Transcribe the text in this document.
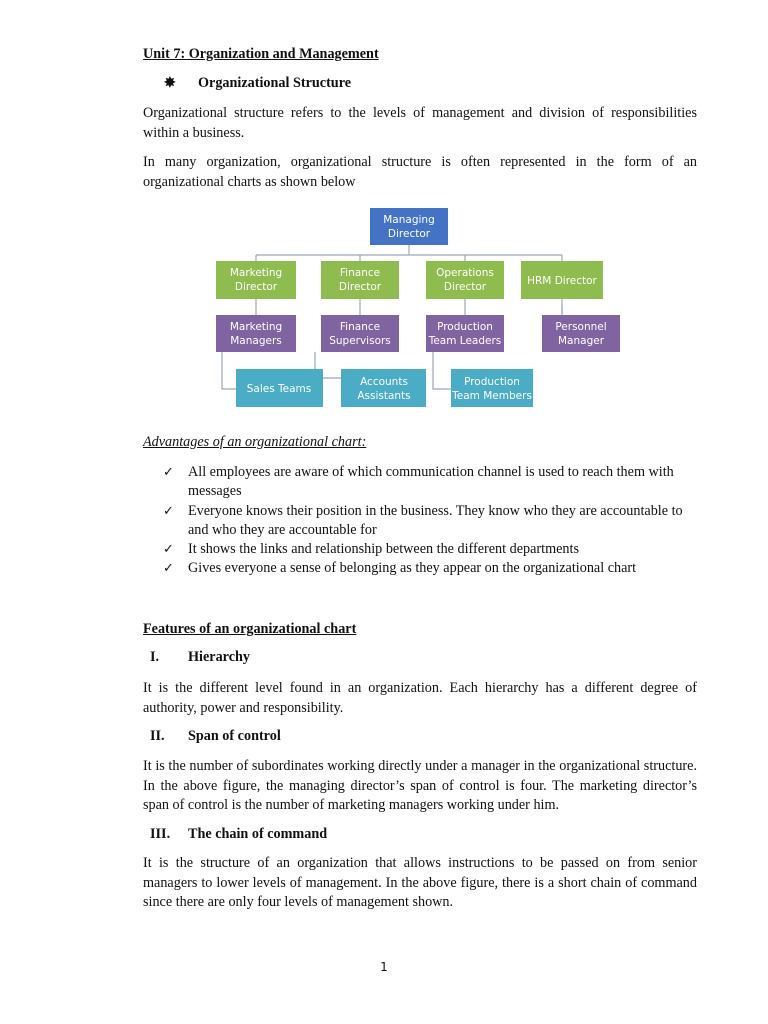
Unit 7: Organization and Management

✸	Organizational Structure

Organizational structure refers to the levels of management and division of responsibilities within a business.

In many organization, organizational structure is often represented in the form of an organizational charts as shown below

Managing
Director
Marketing
Director
Finance
Director
Operations
Director	HRM Director
Marketing
Managers
Finance
Supervisors
Production
Team Leaders
Personnel
Manager
Sales Teams
Accounts
Assistants
Production
Team Members

Advantages of an organizational chart:

✓ All employees are aware of which communication channel is used to reach them with messages
✓ Everyone knows their position in the business. They know who they are accountable to and who they are accountable for
✓ It shows the links and relationship between the different departments
✓ Gives everyone a sense of belonging as they appear on the organizational chart

Features of an organizational chart

I.	Hierarchy

It is the different level found in an organization. Each hierarchy has a different degree of authority, power and responsibility.

II.	Span of control

It is the number of subordinates working directly under a manager in the organizational structure. In the above figure, the managing director’s span of control is four. The marketing director’s span of control is the number of marketing managers working under him.

III.	The chain of command

It is the structure of an organization that allows instructions to be passed on from senior managers to lower levels of management. In the above figure, there is a short chain of command since there are only four levels of management shown.

1
